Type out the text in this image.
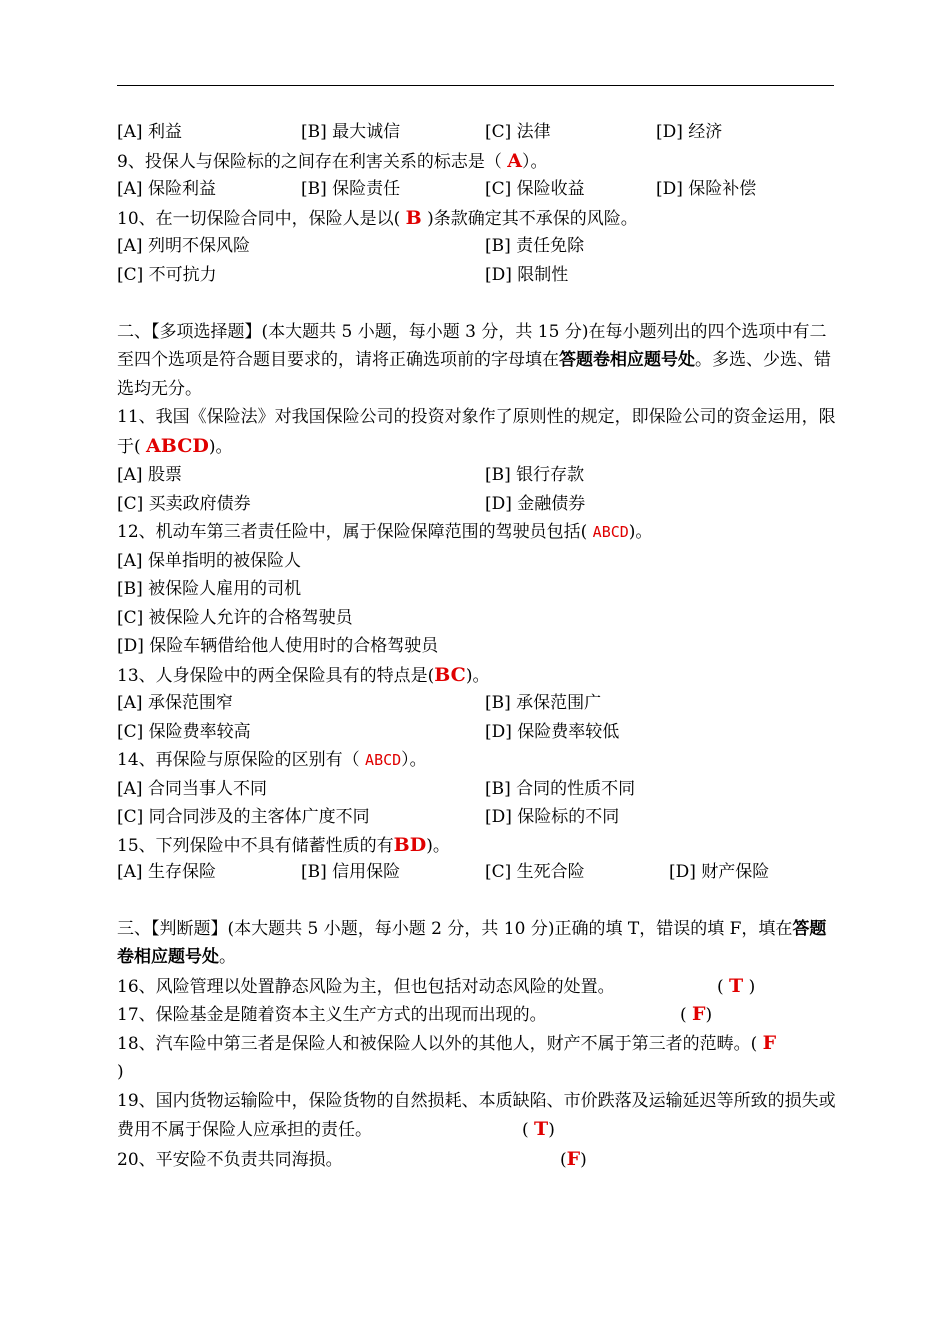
[A] 利益	[B] 最大诚信	[C] 法律	[D] 经济
9、投保人与保险标的之间存在利害关系的标志是（ A）。
[A] 保险利益	[B] 保险责任	[C] 保险收益	[D] 保险补偿
10、在一切保险合同中，保险人是以( B )条款确定其不承保的风险。
[A] 列明不保风险	[B] 责任免除
[C] 不可抗力	[D] 限制性
二、【多项选择题】(本大题共 5 小题，每小题 3 分，共 15 分)在每小题列出的四个选项中有二至四个选项是符合题目要求的，请将正确选项前的字母填在答题卷相应题号处。多选、少选、错选均无分。
11、我国《保险法》对我国保险公司的投资对象作了原则性的规定，即保险公司的资金运用，限于( ABCD)。
[A] 股票	[B] 银行存款
[C] 买卖政府债券	[D] 金融债券
12、机动车第三者责任险中，属于保险保障范围的驾驶员包括( ABCD)。
[A] 保单指明的被保险人
[B] 被保险人雇用的司机
[C] 被保险人允许的合格驾驶员
[D] 保险车辆借给他人使用时的合格驾驶员
13、人身保险中的两全保险具有的特点是(BC)。
[A] 承保范围窄	[B] 承保范围广
[C] 保险费率较高	[D] 保险费率较低
14、再保险与原保险的区别有（ ABCD）。
[A] 合同当事人不同	[B] 合同的性质不同
[C] 同合同涉及的主客体广度不同	[D] 保险标的不同
15、下列保险中不具有储蓄性质的有BD)。
[A] 生存保险	[B] 信用保险	[C] 生死合险	[D] 财产保险
三、【判断题】(本大题共 5 小题，每小题 2 分，共 10 分)正确的填 T，错误的填 F，填在答题卷相应题号处。
16、风险管理以处置静态风险为主，但也包括对动态风险的处置。	( T )
17、保险基金是随着资本主义生产方式的出现而出现的。	( F)
18、汽车险中第三者是保险人和被保险人以外的其他人，财产不属于第三者的范畴。( F
)
19、国内货物运输险中，保险货物的自然损耗、本质缺陷、市价跌落及运输延迟等所致的损失或费用不属于保险人应承担的责任。	( T)
20、平安险不负责共同海损。	(F)
